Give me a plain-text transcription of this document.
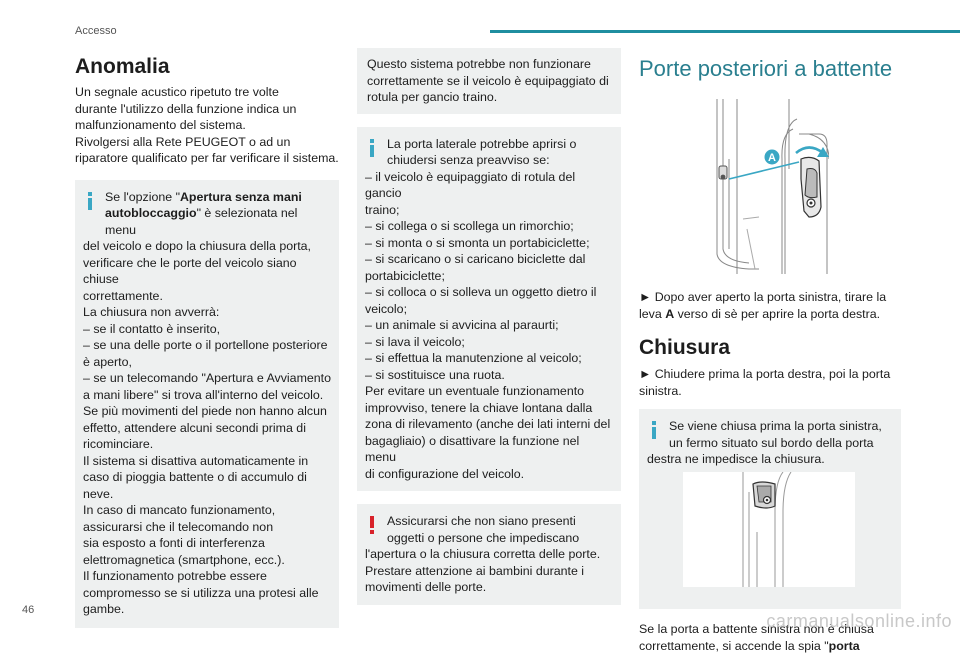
Accesso
Anomalia

Un segnale acustico ripetuto tre volte
durante l'utilizzo della funzione indica un
malfunzionamento del sistema.
Rivolgersi alla Rete PEUGEOT o ad un
riparatore qualificato per far verificare il sistema.

Se l'opzione "Apertura senza mani
autobloccaggio" è selezionata nel menu
del veicolo e dopo la chiusura della porta,
verificare che le porte del veicolo siano chiuse
correttamente.
La chiusura non avverrà:
– se il contatto è inserito,
– se una delle porte o il portellone posteriore
è aperto,
– se un telecomando "Apertura e Avviamento
a mani libere" si trova all'interno del veicolo.
Se più movimenti del piede non hanno alcun
effetto, attendere alcuni secondi prima di
ricominciare.
Il sistema si disattiva automaticamente in
caso di pioggia battente o di accumulo di
neve.
In caso di mancato funzionamento,
assicurarsi che il telecomando non
sia esposto a fonti di interferenza
elettromagnetica (smartphone, ecc.).
Il funzionamento potrebbe essere
compromesso se si utilizza una protesi alle
gambe.
Questo sistema potrebbe non funzionare
correttamente se il veicolo è equipaggiato di
rotula per gancio traino.
La porta laterale potrebbe aprirsi o
chiudersi senza preavviso se:
– il veicolo è equipaggiato di rotula del gancio
traino;
– si collega o si scollega un rimorchio;
– si monta o si smonta un portabiciclette;
– si scaricano o si caricano biciclette dal
portabiciclette;
– si colloca o si solleva un oggetto dietro il
veicolo;
– un animale si avvicina al paraurti;
– si lava il veicolo;
– si effettua la manutenzione al veicolo;
– si sostituisce una ruota.
Per evitare un eventuale funzionamento
improvviso, tenere la chiave lontana dalla
zona di rilevamento (anche dei lati interni del
bagagliaio) o disattivare la funzione nel menu
di configurazione del veicolo.
Assicurarsi che non siano presenti
oggetti o persone che impediscano
l'apertura o la chiusura corretta delle porte.
Prestare attenzione ai bambini durante i
movimenti delle porte.
Porte posteriori a battente
A

► Dopo aver aperto la porta sinistra, tirare la
leva A verso di sè per aprire la porta destra.

Chiusura

► Chiudere prima la porta destra, poi la porta
sinistra.

Se viene chiusa prima la porta sinistra,
un fermo situato sul bordo della porta
destra ne impedisce la chiusura.

Se la porta a battente sinistra non è chiusa
correttamente, si accende la spia "porta

46
carmanualsonline.info
